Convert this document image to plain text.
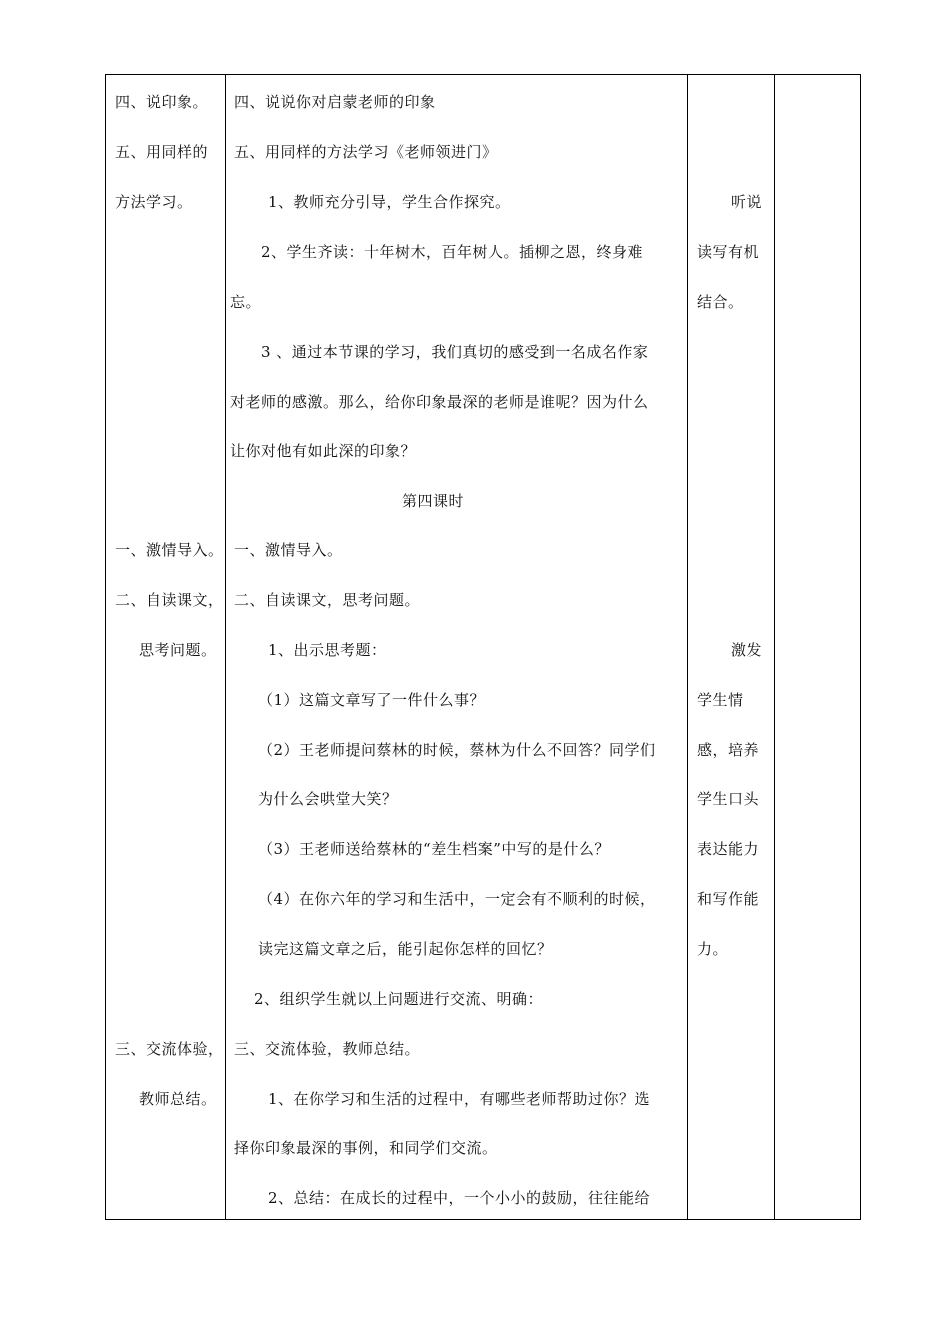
四、说印象。
五、用同样的
方法学习。
一、激情导入。
二、自读课文，
思考问题。
三、交流体验，
教师总结。
四、说说你对启蒙老师的印象
五、用同样的方法学习《老师领进门》
1、教师充分引导，学生合作探究。
2、学生齐读：十年树木，百年树人。插柳之恩，终身难
忘。
3 、通过本节课的学习，我们真切的感受到一名成名作家
对老师的感激。那么，给你印象最深的老师是谁呢？因为什么
让你对他有如此深的印象？
第四课时
一、激情导入。
二、自读课文，思考问题。
1、出示思考题：
（1）这篇文章写了一件什么事？
（2）王老师提问蔡林的时候，蔡林为什么不回答？同学们
为什么会哄堂大笑？
（3）王老师送给蔡林的“差生档案”中写的是什么？
（4）在你六年的学习和生活中，一定会有不顺利的时候，
读完这篇文章之后，能引起你怎样的回忆？
2、组织学生就以上问题进行交流、明确：
三、交流体验，教师总结。
1、在你学习和生活的过程中，有哪些老师帮助过你？选
择你印象最深的事例，和同学们交流。
2、总结：在成长的过程中，一个小小的鼓励，往往能给
听说
读写有机
结合。
激发
学生情
感，培养
学生口头
表达能力
和写作能
力。
